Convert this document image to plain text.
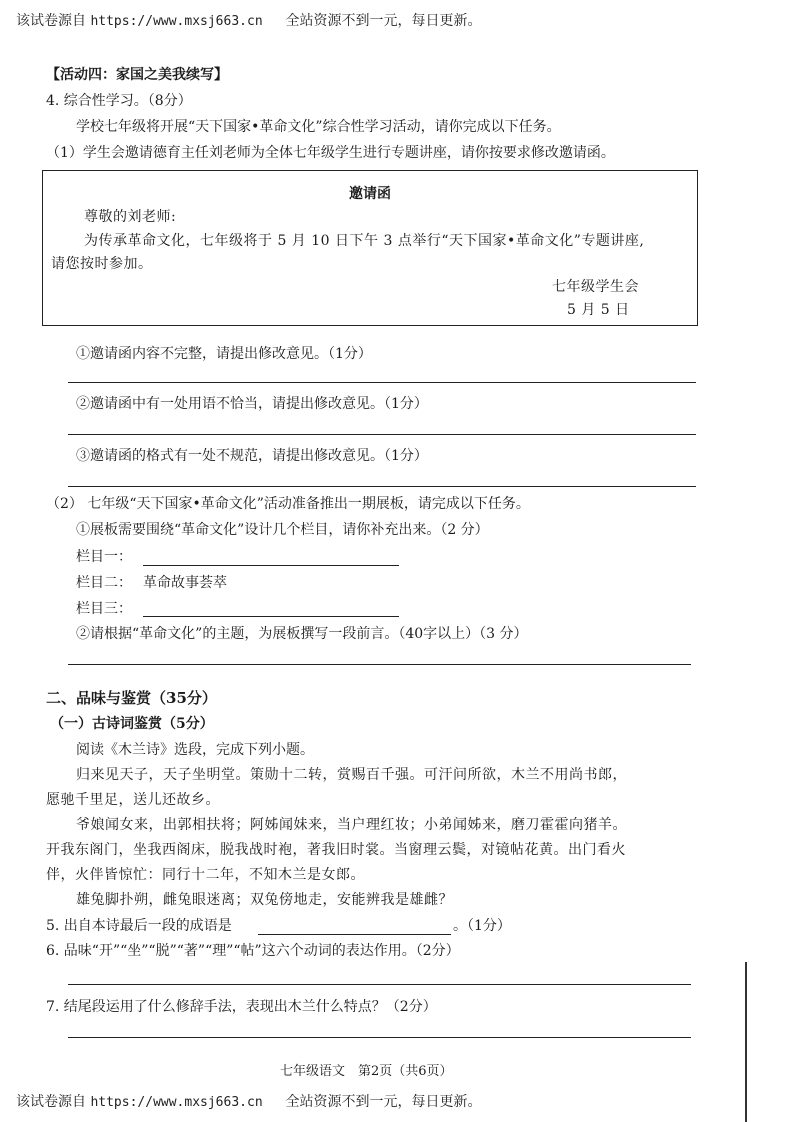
该试卷源自 https://www.mxsj663.cn 全站资源不到一元，每日更新。
【活动四：家国之美我续写】
4. 综合性学习。（8分）
学校七年级将开展“天下国家•革命文化”综合性学习活动，请你完成以下任务。
（1）学生会邀请德育主任刘老师为全体七年级学生进行专题讲座，请你按要求修改邀请函。
邀请函
尊敬的刘老师:
为传承革命文化，七年级将于 5 月 10 日下午 3 点举行“天下国家•革命文化”专题讲座,
请您按时参加。
七年级学生会
5 月 5 日
①邀请函内容不完整，请提出修改意见。（1分）
②邀请函中有一处用语不恰当，请提出修改意见。（1分）
③邀请函的格式有一处不规范，请提出修改意见。（1分）
（2） 七年级“天下国家•革命文化”活动准备推出一期展板，请完成以下任务。
①展板需要围绕“革命文化”设计几个栏目，请你补充出来。（2 分）
栏目一：
栏目二： 革命故事荟萃
栏目三：
②请根据“革命文化”的主题，为展板撰写一段前言。（40字以上）（3 分）
二、品味与鉴赏（35分）
（一）古诗词鉴赏（5分）
阅读《木兰诗》选段，完成下列小题。
归来见天子，天子坐明堂。策勋十二转，赏赐百千强。可汗问所欲，木兰不用尚书郎，
愿驰千里足，送儿还故乡。
爷娘闻女来，出郭相扶将；阿姊闻妹来，当户理红妆；小弟闻姊来，磨刀霍霍向猪羊。
开我东阁门，坐我西阁床，脱我战时袍，著我旧时裳。当窗理云鬓，对镜帖花黄。出门看火
伴，火伴皆惊忙：同行十二年，不知木兰是女郎。
雄兔脚扑朔，雌兔眼迷离；双兔傍地走，安能辨我是雄雌？
5. 出自本诗最后一段的成语是	。（1分）
6. 品味“开”“坐”“脱”“著”“理”“帖”这六个动词的表达作用。（2分）
7. 结尾段运用了什么修辞手法，表现出木兰什么特点？（2分）
七年级语文　第2页（共6页）
该试卷源自 https://www.mxsj663.cn 全站资源不到一元，每日更新。
